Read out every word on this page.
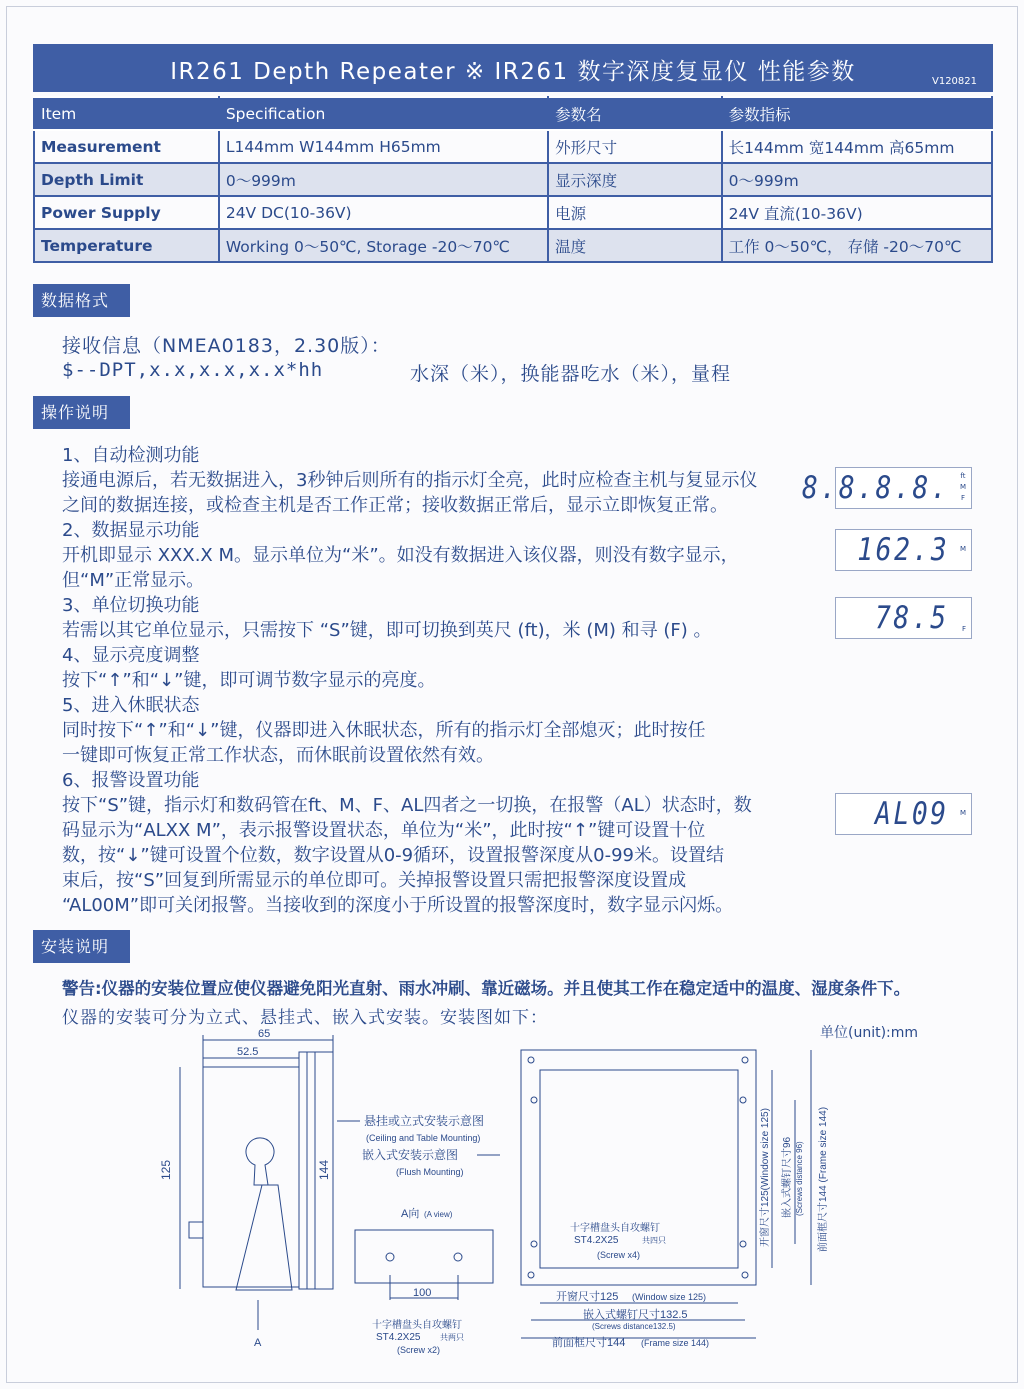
IR261 Depth Repeater ※ IR261 数字深度复显仪 性能参数	V120821
Item	Specification	参数名	参数指标
Measurement	L144mm W144mm H65mm	外形尺寸	长144mm 宽144mm 高65mm
Depth Limit	0～999m	显示深度	0～999m
Power Supply	24V DC(10-36V)	电源	24V 直流(10-36V)
Temperature	Working 0～50℃, Storage -20～70℃	温度	工作 0～50℃， 存储 -20～70℃
数据格式
接收信息（NMEA0183，2.30版）：
$--DPT,x.x,x.x,x.x*hh	水深（米），换能器吃水（米），量程
操作说明
1、自动检测功能
接通电源后，若无数据进入，3秒钟后则所有的指示灯全亮，此时应检查主机与复显示仪
之间的数据连接，或检查主机是否工作正常；接收数据正常后，显示立即恢复正常。
2、数据显示功能
开机即显示 XXX.X M。显示单位为“米”。如没有数据进入该仪器，则没有数字显示，
但“M”正常显示。
3、单位切换功能
若需以其它单位显示，只需按下 “S”键，即可切换到英尺 (ft)，米 (M) 和寻 (F) 。
4、显示亮度调整
按下“↑”和“↓”键，即可调节数字显示的亮度。
5、进入休眠状态
同时按下“↑”和“↓”键，仪器即进入休眠状态，所有的指示灯全部熄灭；此时按任
一键即可恢复正常工作状态，而休眠前设置依然有效。
6、报警设置功能
按下“S”键，指示灯和数码管在ft、M、F、AL四者之一切换，在报警（AL）状态时，数
码显示为“ALXX M”，表示报警设置状态，单位为“米”，此时按“↑”键可设置十位
数，按“↓”键可设置个位数，数字设置从0-9循环，设置报警深度从0-99米。设置结
束后，按“S”回复到所需显示的单位即可。关掉报警设置只需把报警深度设置成
“AL00M”即可关闭报警。当接收到的深度小于所设置的报警深度时，数字显示闪烁。
8.8.8.8. ft
M
F
162.3 M
78.5 F
AL09 M
安装说明
警告:仪器的安装位置应使仪器避免阳光直射、雨水冲刷、靠近磁场。并且使其工作在稳定适中的温度、湿度条件下。
仪器的安装可分为立式、悬挂式、嵌入式安装。安装图如下：
单位(unit):mm
65
52.5
125	144
悬挂或立式安装示意图
(Ceiling and Table Mounting)
嵌入式安装示意图
(Flush Mounting)
A向 (A view)
100
十字槽盘头自攻螺钉
ST4.2X25 共两只
(Screw x2)
A
十字槽盘头自攻螺钉
ST4.2X25	共四只
(Screw x4)
开窗尺寸125 (Window size 125)
嵌入式螺钉尺寸132.5
(Screws distance132.5)
前面框尺寸144 (Frame size 144)
开窗尺寸125(Window size 125) 嵌入式螺钉尺寸96 (Screws distance 96) 前面框尺寸144 (Frame size 144)
